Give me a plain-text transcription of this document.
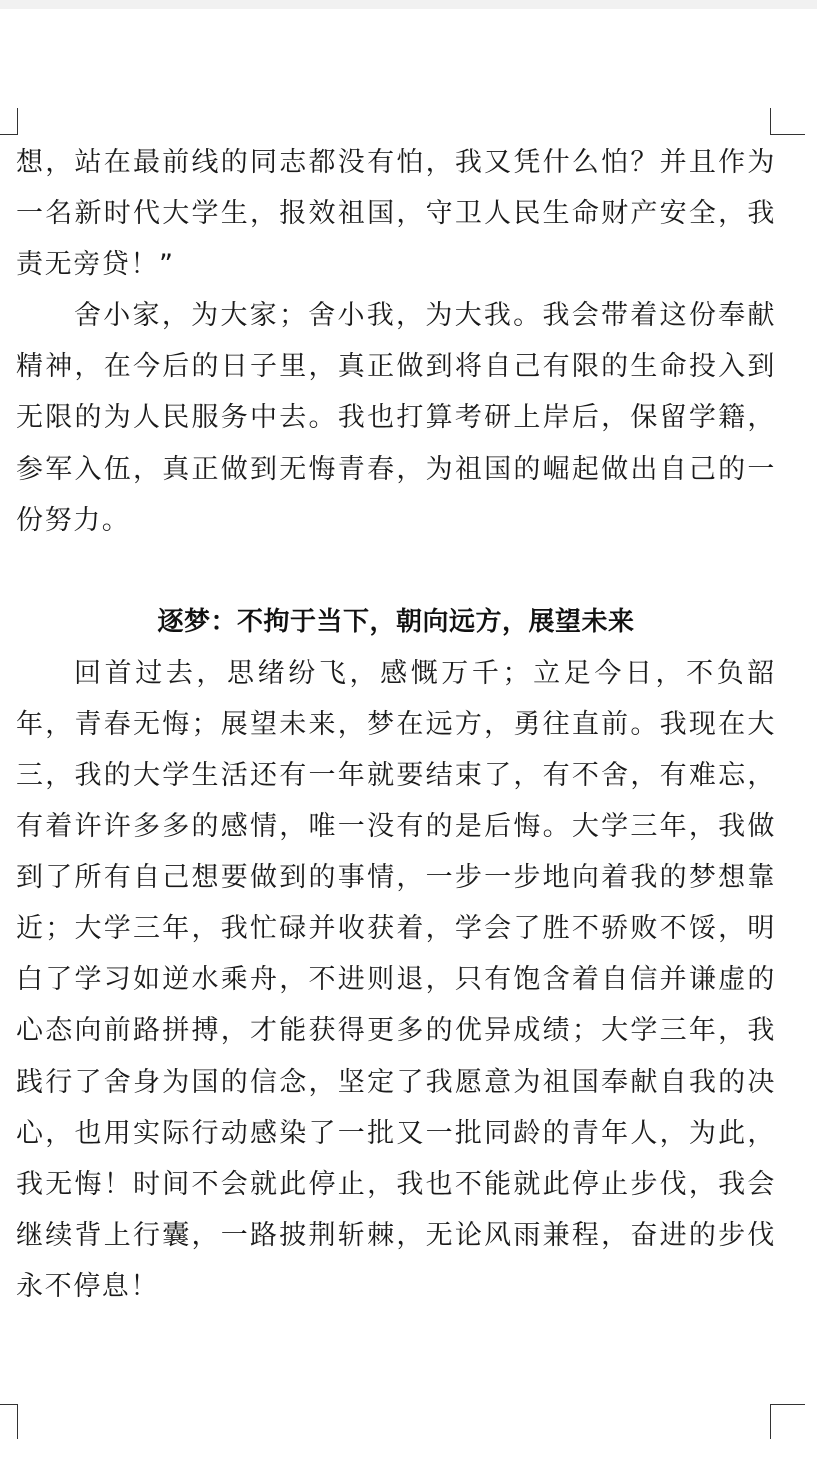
想，站在最前线的同志都没有怕，我又凭什么怕？并且作为一名新时代大学生，报效祖国，守卫人民生命财产安全，我责无旁贷！”

舍小家，为大家；舍小我，为大我。我会带着这份奉献精神，在今后的日子里，真正做到将自己有限的生命投入到无限的为人民服务中去。我也打算考研上岸后，保留学籍，参军入伍，真正做到无悔青春，为祖国的崛起做出自己的一份努力。

逐梦：不拘于当下，朝向远方，展望未来

回首过去，思绪纷飞，感慨万千；立足今日，不负韶年，青春无悔；展望未来，梦在远方，勇往直前。我现在大三，我的大学生活还有一年就要结束了，有不舍，有难忘，有着许许多多的感情，唯一没有的是后悔。大学三年，我做到了所有自己想要做到的事情，一步一步地向着我的梦想靠近；大学三年，我忙碌并收获着，学会了胜不骄败不馁，明白了学习如逆水乘舟，不进则退，只有饱含着自信并谦虚的心态向前路拼搏，才能获得更多的优异成绩；大学三年，我践行了舍身为国的信念，坚定了我愿意为祖国奉献自我的决心，也用实际行动感染了一批又一批同龄的青年人，为此，我无悔！时间不会就此停止，我也不能就此停止步伐，我会继续背上行囊，一路披荆斩棘，无论风雨兼程，奋进的步伐永不停息！
